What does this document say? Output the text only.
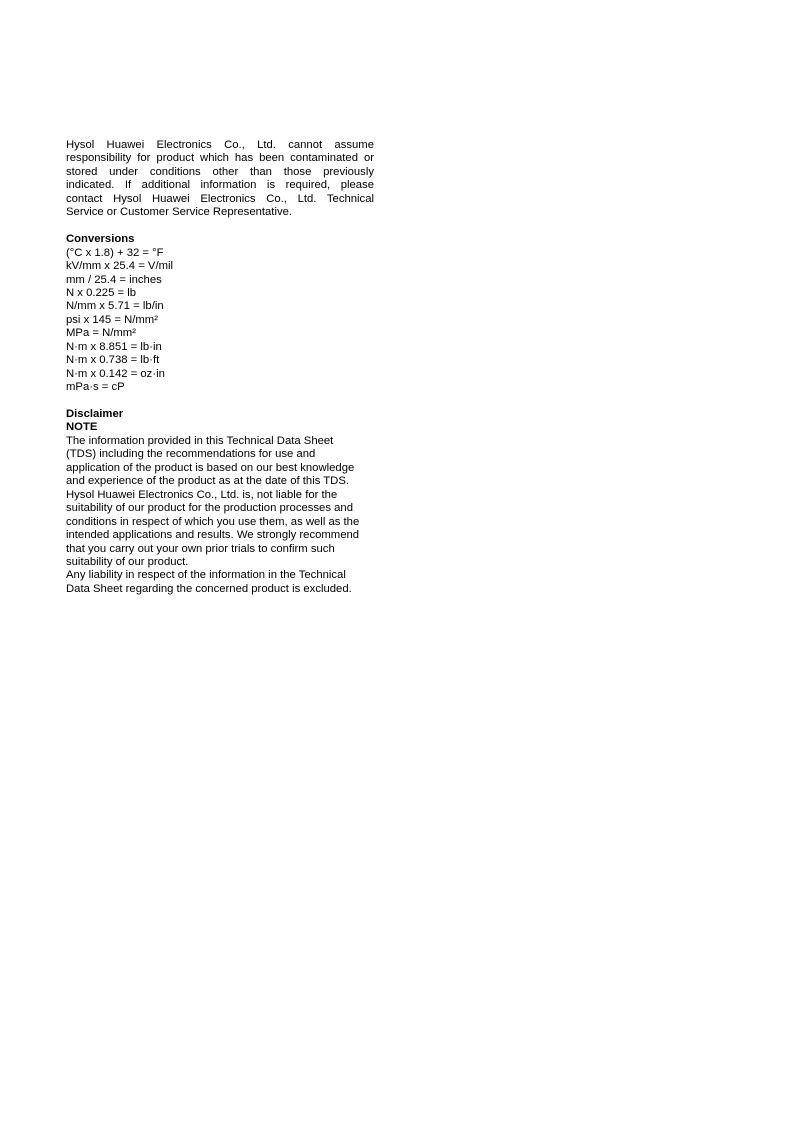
Hysol Huawei Electronics Co., Ltd. cannot assume
responsibility for product which has been contaminated or
stored under conditions other than those previously
indicated. If additional information is required, please
contact Hysol Huawei Electronics Co., Ltd. Technical
Service or Customer Service Representative.
Conversions
(°C x 1.8) + 32 = °F
kV/mm x 25.4 = V/mil
mm / 25.4 = inches
N x 0.225 = lb
N/mm x 5.71 = lb/in
psi x 145 = N/mm²
MPa = N/mm²
N·m x 8.851 = lb·in
N·m x 0.738 = lb·ft
N·m x 0.142 = oz·in
mPa·s = cP
Disclaimer
NOTE
The information provided in this Technical Data Sheet
(TDS) including the recommendations for use and
application of the product is based on our best knowledge
and experience of the product as at the date of this TDS.
Hysol Huawei Electronics Co., Ltd. is, not liable for the
suitability of our product for the production processes and
conditions in respect of which you use them, as well as the
intended applications and results. We strongly recommend
that you carry out your own prior trials to confirm such
suitability of our product.
Any liability in respect of the information in the Technical
Data Sheet regarding the concerned product is excluded.
